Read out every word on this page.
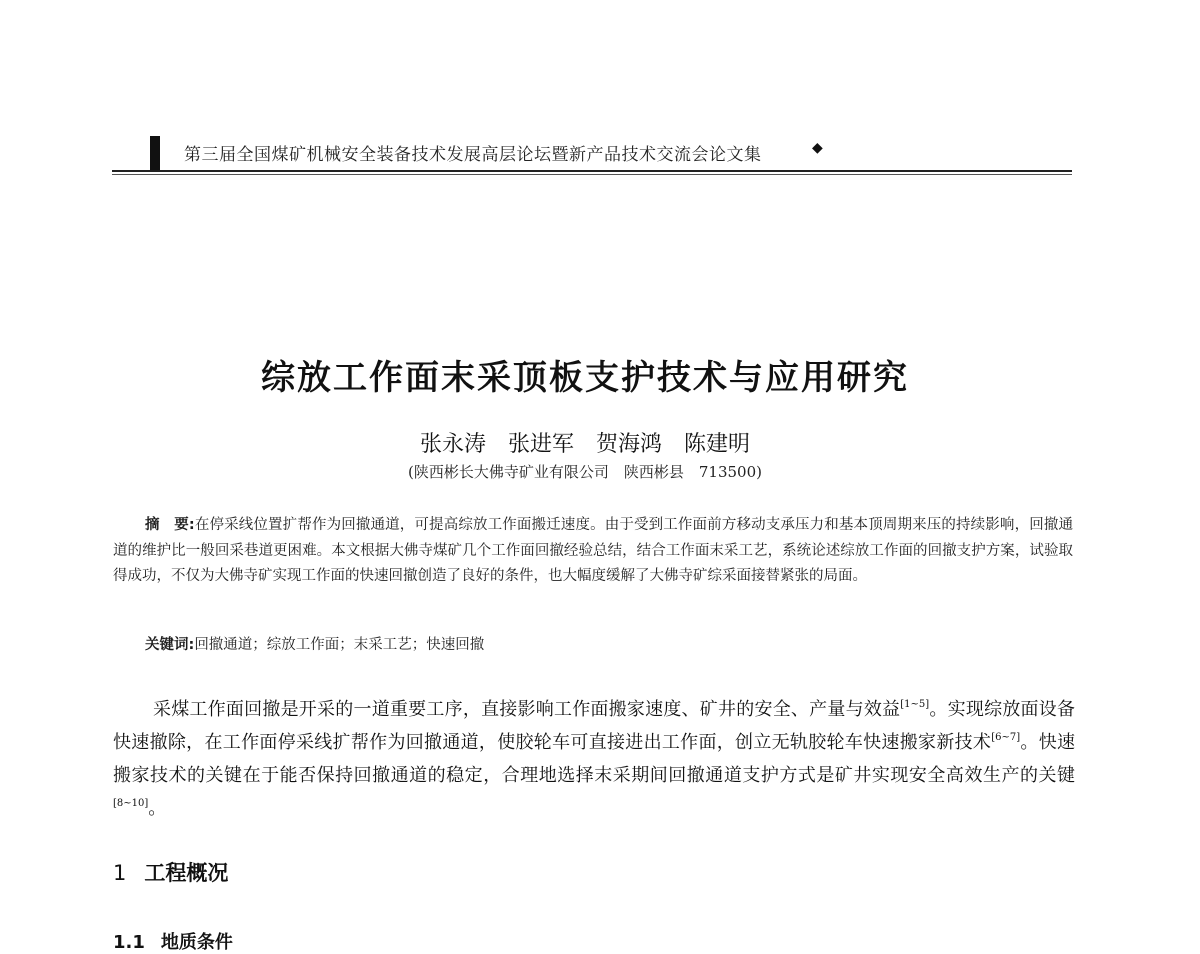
第三届全国煤矿机械安全装备技术发展高层论坛暨新产品技术交流会论文集	◆
综放工作面末采顶板支护技术与应用研究
张永涛　张进军　贺海鸿　陈建明
(陕西彬长大佛寺矿业有限公司　陕西彬县　713500)
摘　要:在停采线位置扩帮作为回撤通道，可提高综放工作面搬迁速度。由于受到工作面前方移动支承压力和基本顶周期来压的持续影响，回撤通道的维护比一般回采巷道更困难。本文根据大佛寺煤矿几个工作面回撤经验总结，结合工作面末采工艺，系统论述综放工作面的回撤支护方案，试验取得成功，不仅为大佛寺矿实现工作面的快速回撤创造了良好的条件，也大幅度缓解了大佛寺矿综采面接替紧张的局面。
关键词:回撤通道；综放工作面；末采工艺；快速回撤
采煤工作面回撤是开采的一道重要工序，直接影响工作面搬家速度、矿井的安全、产量与效益[1~5]。实现综放面设备快速撤除，在工作面停采线扩帮作为回撤通道，使胶轮车可直接进出工作面，创立无轨胶轮车快速搬家新技术[6~7]。快速搬家技术的关键在于能否保持回撤通道的稳定，合理地选择末采期间回撤通道支护方式是矿井实现安全高效生产的关键[8~10]。
1 工程概况
1.1 地质条件
